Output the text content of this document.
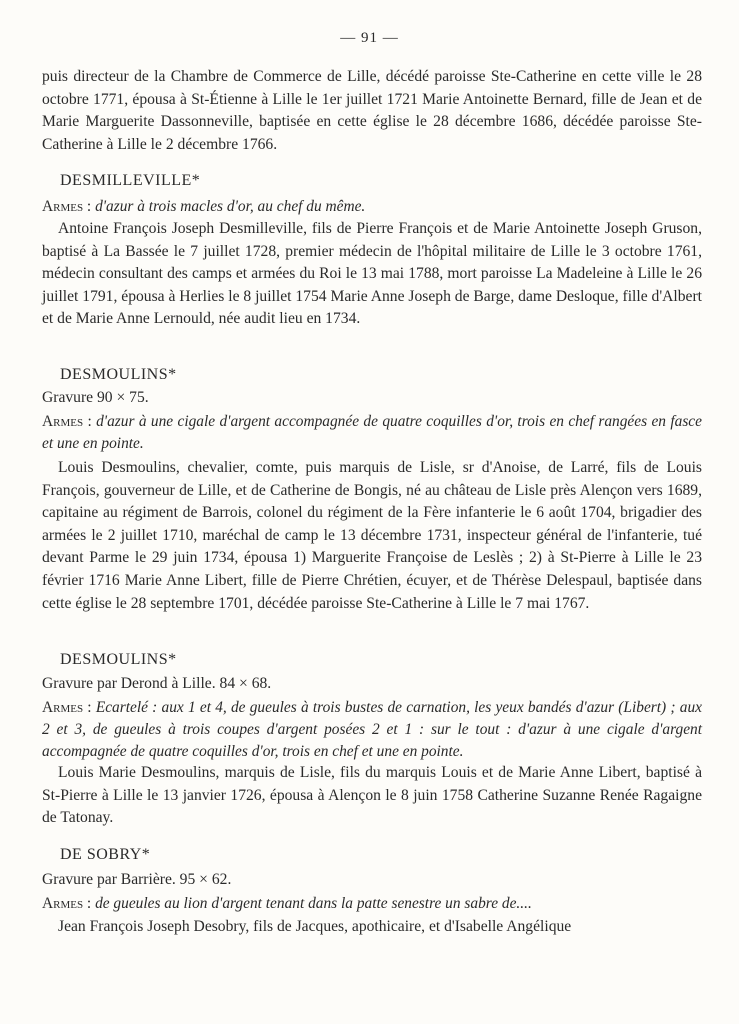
— 91 —
puis directeur de la Chambre de Commerce de Lille, décédé paroisse Ste-Catherine en cette ville le 28 octobre 1771, épousa à St-Étienne à Lille le 1er juillet 1721 Marie Antoinette Bernard, fille de Jean et de Marie Marguerite Dassonneville, baptisée en cette église le 28 décembre 1686, décédée paroisse Ste-Catherine à Lille le 2 décembre 1766.
DESMILLEVILLE*
Armes : d'azur à trois macles d'or, au chef du même.
Antoine François Joseph Desmilleville, fils de Pierre François et de Marie Antoinette Joseph Gruson, baptisé à La Bassée le 7 juillet 1728, premier médecin de l'hôpital militaire de Lille le 3 octobre 1761, médecin consultant des camps et armées du Roi le 13 mai 1788, mort paroisse La Madeleine à Lille le 26 juillet 1791, épousa à Herlies le 8 juillet 1754 Marie Anne Joseph de Barge, dame Desloque, fille d'Albert et de Marie Anne Lernould, née audit lieu en 1734.
DESMOULINS*
Gravure 90 × 75.
Armes : d'azur à une cigale d'argent accompagnée de quatre coquilles d'or, trois en chef rangées en fasce et une en pointe.
Louis Desmoulins, chevalier, comte, puis marquis de Lisle, sr d'Anoise, de Larré, fils de Louis François, gouverneur de Lille, et de Catherine de Bongis, né au château de Lisle près Alençon vers 1689, capitaine au régiment de Barrois, colonel du régiment de la Fère infanterie le 6 août 1704, brigadier des armées le 2 juillet 1710, maréchal de camp le 13 décembre 1731, inspecteur général de l'infanterie, tué devant Parme le 29 juin 1734, épousa 1) Marguerite Françoise de Leslès ; 2) à St-Pierre à Lille le 23 février 1716 Marie Anne Libert, fille de Pierre Chrétien, écuyer, et de Thérèse Delespaul, baptisée dans cette église le 28 septembre 1701, décédée paroisse Ste-Catherine à Lille le 7 mai 1767.
DESMOULINS*
Gravure par Derond à Lille. 84 × 68.
Armes : Ecartelé : aux 1 et 4, de gueules à trois bustes de carnation, les yeux bandés d'azur (Libert) ; aux 2 et 3, de gueules à trois coupes d'argent posées 2 et 1 : sur le tout : d'azur à une cigale d'argent accompagnée de quatre coquilles d'or, trois en chef et une en pointe.
Louis Marie Desmoulins, marquis de Lisle, fils du marquis Louis et de Marie Anne Libert, baptisé à St-Pierre à Lille le 13 janvier 1726, épousa à Alençon le 8 juin 1758 Catherine Suzanne Renée Ragaigne de Tatonay.
DE SOBRY*
Gravure par Barrière. 95 × 62.
Armes : de gueules au lion d'argent tenant dans la patte senestre un sabre de....
Jean François Joseph Desobry, fils de Jacques, apothicaire, et d'Isabelle Angélique
